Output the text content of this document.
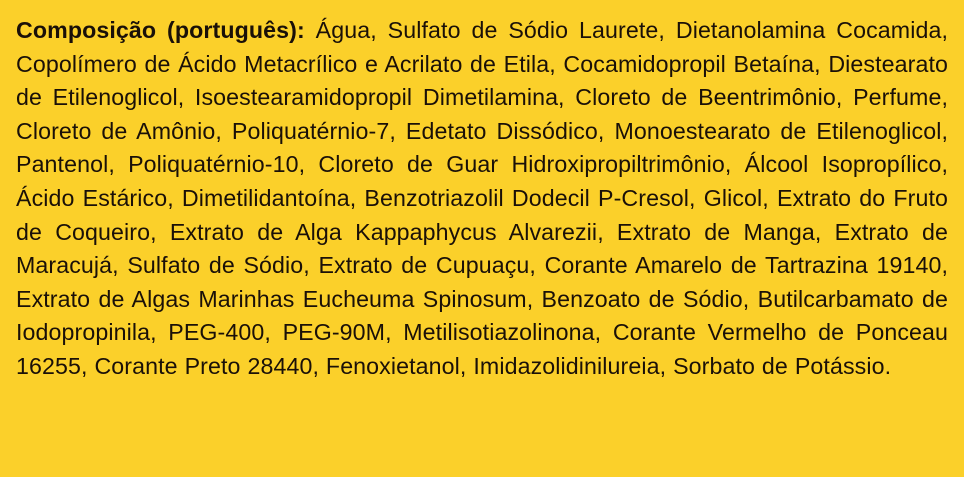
Composição (português): Água, Sulfato de Sódio Laurete, Dietanolamina Cocamida, Copolímero de Ácido Metacrílico e Acrilato de Etila, Cocamidopropil Betaína, Diestearato de Etilenoglicol, Isoestearamidopropil Dimetilamina, Cloreto de Beentrimônio, Perfume, Cloreto de Amônio, Poliquatérnio-7, Edetato Dissódico, Monoestearato de Etilenoglicol, Pantenol, Poliquatérnio-10, Cloreto de Guar Hidroxipropiltrimônio, Álcool Isopropílico, Ácido Estárico, Dimetilidantoína, Benzotriazolil Dodecil P-Cresol, Glicol, Extrato do Fruto de Coqueiro, Extrato de Alga Kappaphycus Alvarezii, Extrato de Manga, Extrato de Maracujá, Sulfato de Sódio, Extrato de Cupuaçu, Corante Amarelo de Tartrazina 19140, Extrato de Algas Marinhas Eucheuma Spinosum, Benzoato de Sódio, Butilcarbamato de Iodopropinila, PEG-400, PEG-90M, Metilisotiazolinona, Corante Vermelho de Ponceau 16255, Corante Preto 28440, Fenoxietanol, Imidazolidinilureia, Sorbato de Potássio.
